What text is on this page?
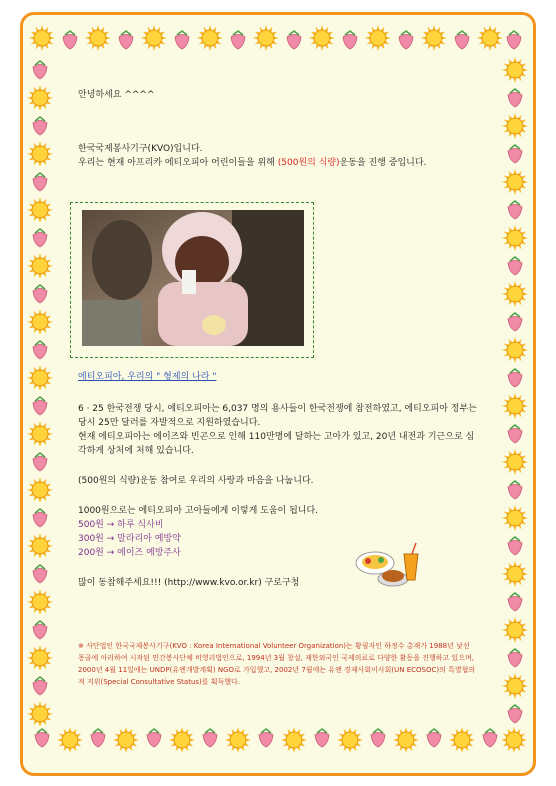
안녕하세요 ^^^^

한국국제봉사기구(KVO)입니다.

우리는 현재 아프리카 에티오피아 어린이들을 위해 (500원의 식량)운동을 진행 중입니다.

에티오피아, 우리의 " 형제의 나라 "

6 · 25 한국전쟁 당시, 에티오피아는 6,037 명의 용사들이 한국전쟁에 참전하였고, 에티오피아 정부는 당시 25만 달러를 자발적으로 지원하였습니다.

현재 에티오피아는 에이즈와 빈곤으로 인해 110만명에 달하는 고아가 있고, 20년 내전과 기근으로 심각하게 상처에 처해 있습니다.

(500원의 식량)운동 참여로 우리의 사랑과 마음을 나눕니다.

1000원으로는 에티오피아 고아들에게 이렇게 도움이 됩니다.

500원 → 하루 식사비

300원 → 말라리아 예방약

200원 → 에이즈 예방주사

많이 동참해주세요!!! (http://www.kvo.or.kr) 구로구청

※ 사단법인 한국국제봉사기구(KVO : Korea International Volunteer Organization)는 황필자인 하정수 총재가 1988년 낯선 몽골에 아리하여 시작된 민간봉사단체 비영리법인으로, 1994년 3월 창설, 재한외국인 국제의료로 다양한 활동을 진행하고 있으며, 2000년 4월 11일에는 UNDP(유엔개발계획) NGO로 가입했고, 2002년 7월에는 유엔 경제사회이사회(UN ECOSOC)의 특별협의적 지위(Special Consultative Status)를 획득했다.
